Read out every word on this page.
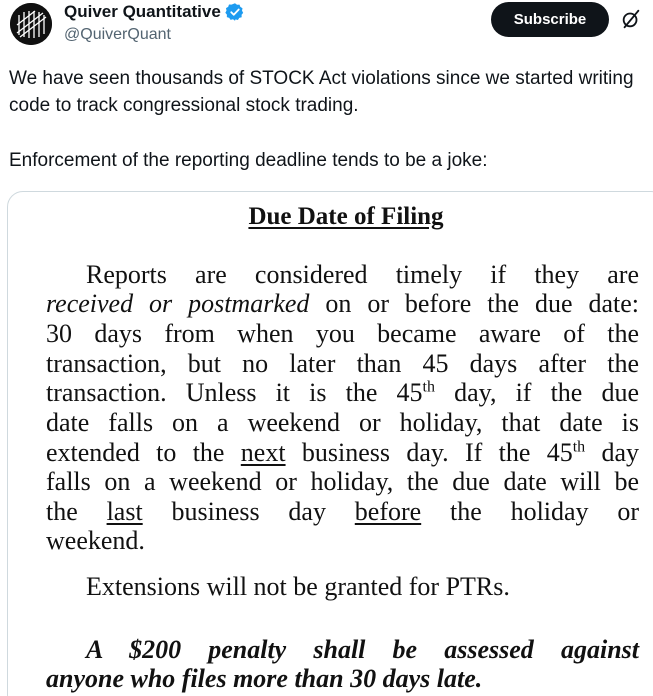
Quiver Quantitative
@QuiverQuant
Subscribe
We have seen thousands of STOCK Act violations since we started writing code to track congressional stock trading.
Enforcement of the reporting deadline tends to be a joke:
Due Date of Filing
Reports are considered timely if they are
received or postmarked on or before the due date:
30 days from when you became aware of the
transaction, but no later than 45 days after the
transaction. Unless it is the 45th day, if the due
date falls on a weekend or holiday, that date is
extended to the next business day. If the 45th day
falls on a weekend or holiday, the due date will be
the last business day before the holiday or
weekend.
Extensions will not be granted for PTRs.
A $200 penalty shall be assessed against
anyone who files more than 30 days late.
